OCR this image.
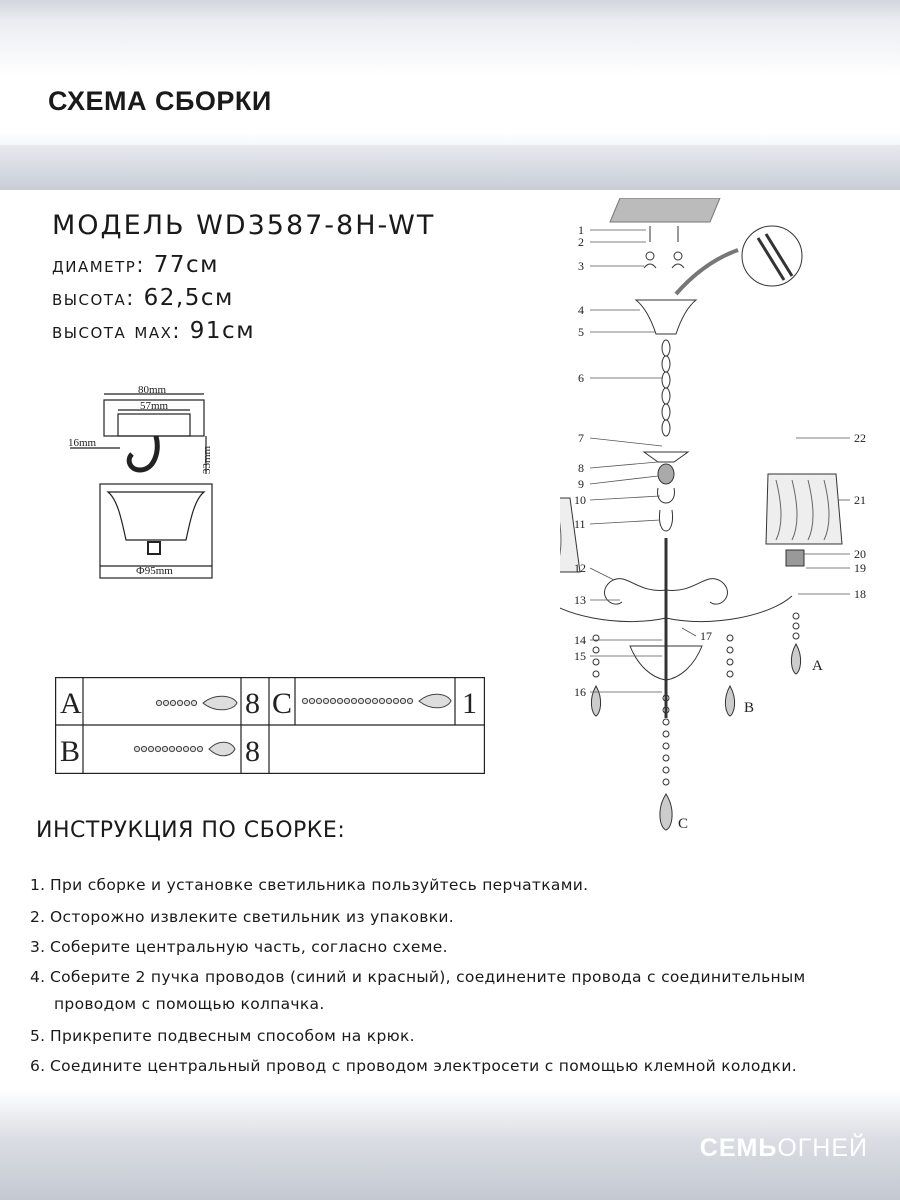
СХЕМА СБОРКИ
МОДЕЛЬ WD3587-8H-WT
диаметр: 77см
высота: 62,5см
высота мах: 91см
80mm
57mm
16mm
33mm
Ф95mm
1
2
3
4
5
6
7
8
9
10
11
12
13
14
15
16
17
18
19
20
21
22
A
B
C
A	8 C	1
B	8
ИНСТРУКЦИЯ ПО СБОРКЕ:
1. При сборке и установке светильника пользуйтесь перчатками.
2. Осторожно извлеките светильник из упаковки.
3. Соберите центральную часть, согласно схеме.
4. Соберите 2 пучка проводов (синий и красный), соединените провода с соединительным
проводом с помощью колпачка.
5. Прикрепите подвесным способом на крюк.
6. Соедините центральный провод с проводом электросети с помощью клемной колодки.
СЕМЬОГНЕЙ
